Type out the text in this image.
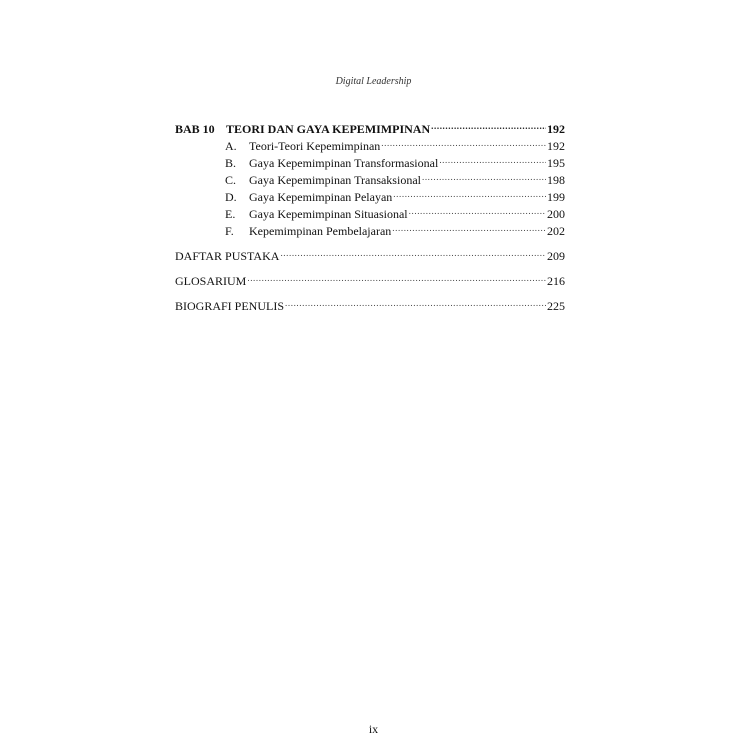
Digital Leadership
BAB 10 TEORI DAN GAYA KEPEMIMPINAN .....	192
A.	Teori-Teori Kepemimpinan .....	192
B.	Gaya Kepemimpinan Transformasional .....	195
C.	Gaya Kepemimpinan Transaksional .....	198
D.	Gaya Kepemimpinan Pelayan .....	199
E.	Gaya Kepemimpinan Situasional .....	200
F.	Kepemimpinan Pembelajaran .....	202
DAFTAR PUSTAKA .....	209
GLOSARIUM .....	216
BIOGRAFI PENULIS .....	225
ix
